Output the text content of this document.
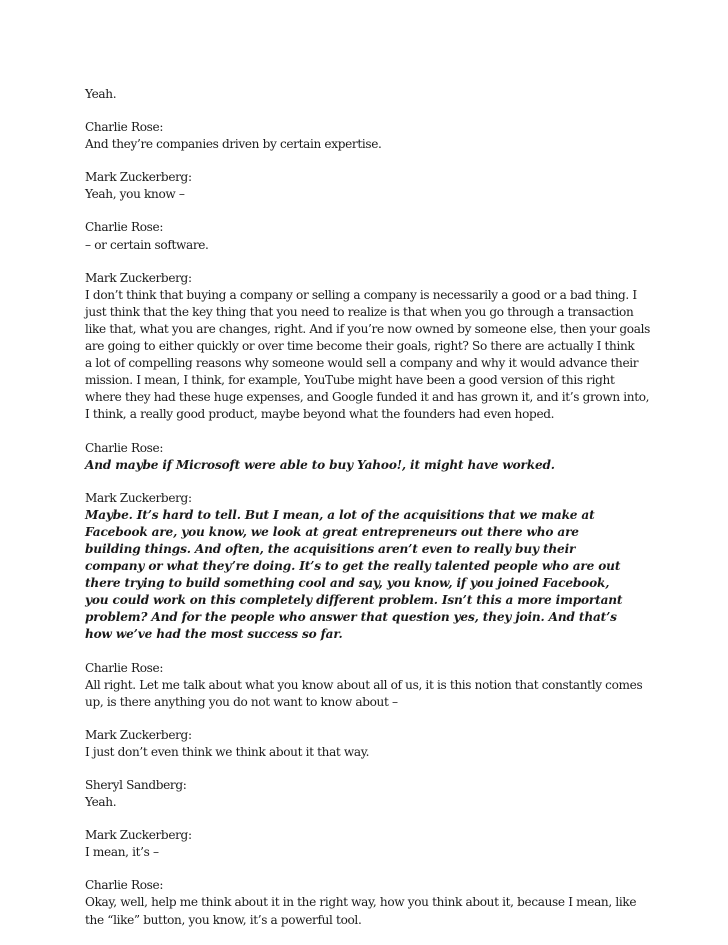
Yeah.
Charlie Rose:
And they’re companies driven by certain expertise.
Mark Zuckerberg:
Yeah, you know –
Charlie Rose:
– or certain software.
Mark Zuckerberg:
I don’t think that buying a company or selling a company is necessarily a good or a bad thing. I
just think that the key thing that you need to realize is that when you go through a transaction
like that, what you are changes, right. And if you’re now owned by someone else, then your goals
are going to either quickly or over time become their goals, right? So there are actually I think
a lot of compelling reasons why someone would sell a company and why it would advance their
mission. I mean, I think, for example, YouTube might have been a good version of this right
where they had these huge expenses, and Google funded it and has grown it, and it’s grown into,
I think, a really good product, maybe beyond what the founders had even hoped.
Charlie Rose:
And maybe if Microsoft were able to buy Yahoo!, it might have worked.
Mark Zuckerberg:
Maybe. It’s hard to tell. But I mean, a lot of the acquisitions that we make at
Facebook are, you know, we look at great entrepreneurs out there who are
building things. And often, the acquisitions aren’t even to really buy their
company or what they’re doing. It’s to get the really talented people who are out
there trying to build something cool and say, you know, if you joined Facebook,
you could work on this completely different problem. Isn’t this a more important
problem? And for the people who answer that question yes, they join. And that’s
how we’ve had the most success so far.
Charlie Rose:
All right. Let me talk about what you know about all of us, it is this notion that constantly comes
up, is there anything you do not want to know about –
Mark Zuckerberg:
I just don’t even think we think about it that way.
Sheryl Sandberg:
Yeah.
Mark Zuckerberg:
I mean, it’s –
Charlie Rose:
Okay, well, help me think about it in the right way, how you think about it, because I mean, like
the “like” button, you know, it’s a powerful tool.
